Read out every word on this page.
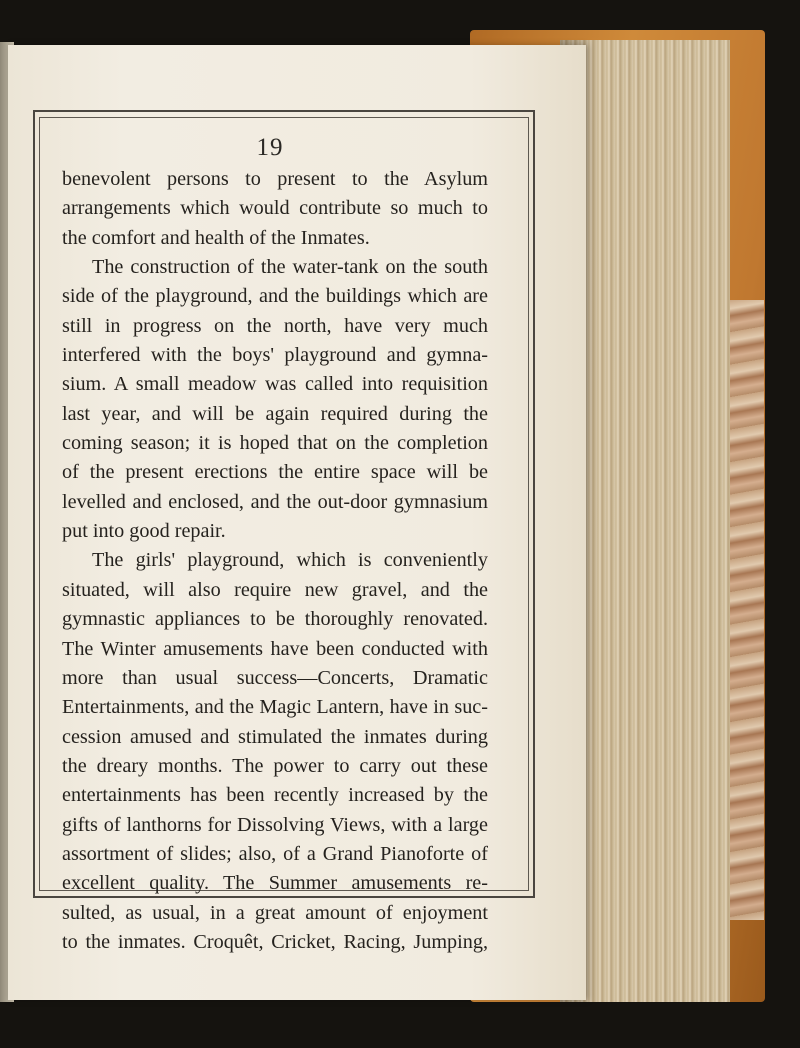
19
benevolent persons to present to the Asylum
arrangements which would contribute so much to
the comfort and health of the Inmates.
The construction of the water-tank on the south
side of the playground, and the buildings which are
still in progress on the north, have very much
interfered with the boys' playground and gymna-
sium. A small meadow was called into requisition
last year, and will be again required during the
coming season; it is hoped that on the completion
of the present erections the entire space will be
levelled and enclosed, and the out-door gymnasium
put into good repair.
The girls' playground, which is conveniently
situated, will also require new gravel, and the
gymnastic appliances to be thoroughly renovated.
The Winter amusements have been conducted with
more than usual success—Concerts, Dramatic
Entertainments, and the Magic Lantern, have in suc-
cession amused and stimulated the inmates during
the dreary months. The power to carry out these
entertainments has been recently increased by the
gifts of lanthorns for Dissolving Views, with a large
assortment of slides; also, of a Grand Pianoforte of
excellent quality. The Summer amusements re-
sulted, as usual, in a great amount of enjoyment
to the inmates. Croquêt, Cricket, Racing, Jumping,
